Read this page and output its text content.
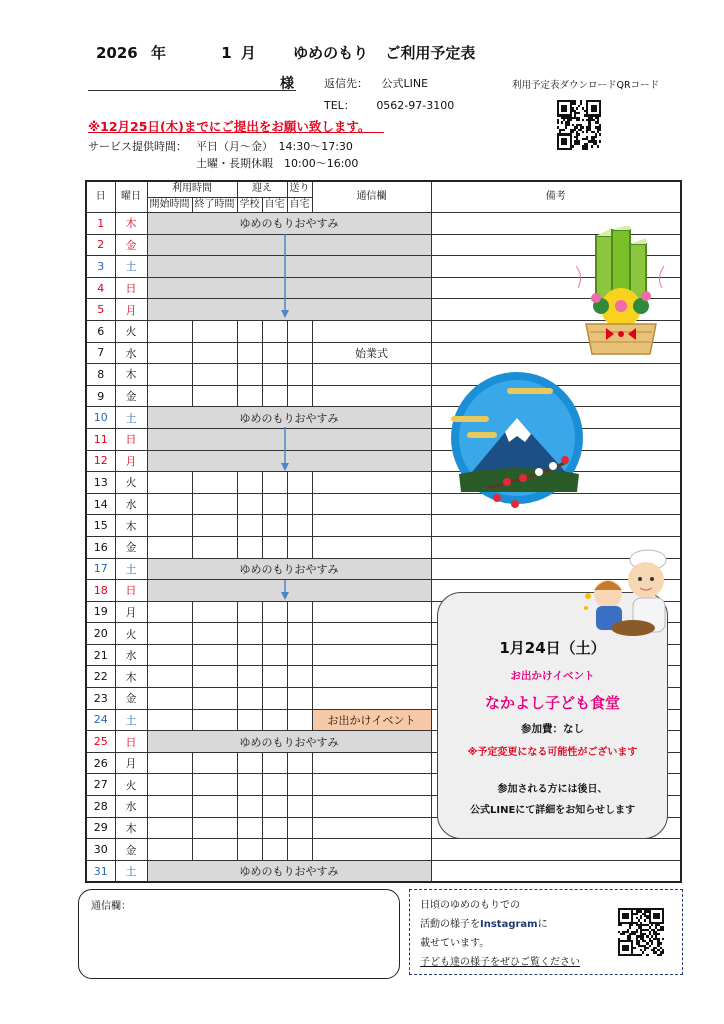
2026 年	1 月 ゆめのもり ご利用予定表
様	返信先： 公式LINE
TEL： 0562-97-3100
利用予定表ダウンロードQRコード
※12月25日(木)までにご提出をお願い致します。
サービス提供時間： 平日（月～金）　14:30～17:30
土曜・長期休暇　10:00～16:00
日	曜日	利用時間		迎え		送り	通信欄	備考
		開始時間	終了時間	学校	自宅	自宅		
1	木	ゆめのもりおやすみ						
2	金							
3	土							
4	日							
5	月							
6	火							
7	水						始業式	
8	木							
9	金							
10	土	ゆめのもりおやすみ						
11	日							
12	月							
13	火							
14	水							
15	木							
16	金							
17	土	ゆめのもりおやすみ						
18	日							
19	月							
20	火							
21	水							
22	木							
23	金							
24	土						お出かけイベント	
25	日	ゆめのもりおやすみ						
26	月							
27	火							
28	水							
29	木							
30	金							
31	土	ゆめのもりおやすみ						
1月24日（土）
お出かけイベント
なかよし子ども食堂
参加費：なし
※予定変更になる可能性がございます
参加される方には後日、
公式LINEにて詳細をお知らせします
通信欄：	日頃のゆめのもりでの
活動の様子をInstagramに
載せています。
子ども達の様子をぜひご覧ください
